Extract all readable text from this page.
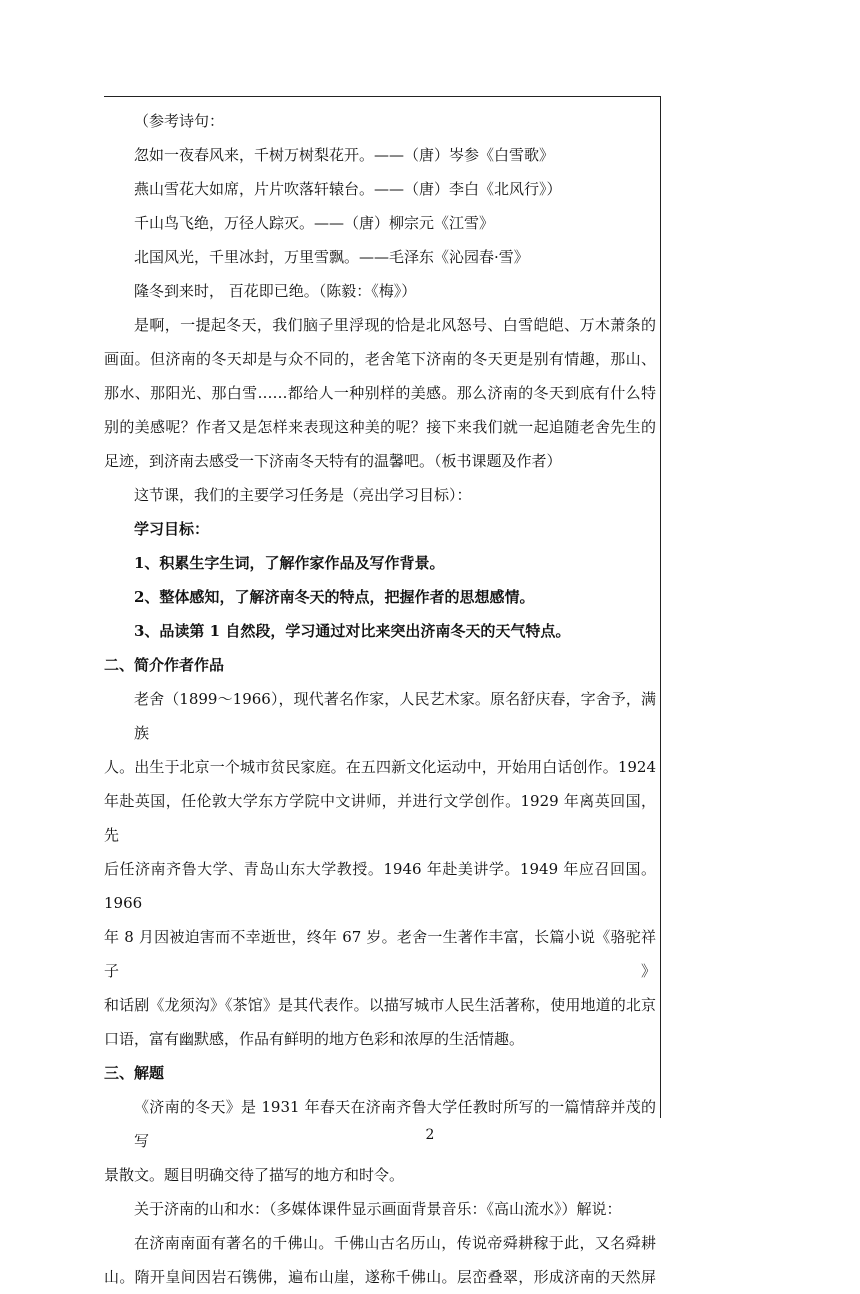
（参考诗句：

忽如一夜春风来，千树万树梨花开。——（唐）岑参《白雪歌》

燕山雪花大如席，片片吹落轩辕台。——（唐）李白《北风行》）

千山鸟飞绝，万径人踪灭。——（唐）柳宗元《江雪》

北国风光，千里冰封，万里雪飘。——毛泽东《沁园春·雪》

隆冬到来时， 百花即已绝。（陈毅：《梅》）

是啊，一提起冬天，我们脑子里浮现的恰是北风怒号、白雪皑皑、万木萧条的

画面。但济南的冬天却是与众不同的，老舍笔下济南的冬天更是别有情趣，那山、

那水、那阳光、那白雪……都给人一种别样的美感。那么济南的冬天到底有什么特

别的美感呢？作者又是怎样来表现这种美的呢？接下来我们就一起追随老舍先生的

足迹，到济南去感受一下济南冬天特有的温馨吧。（板书课题及作者）

这节课，我们的主要学习任务是（亮出学习目标）：

学习目标：

1、积累生字生词，了解作家作品及写作背景。

2、整体感知，了解济南冬天的特点，把握作者的思想感情。

3、品读第 1 自然段，学习通过对比来突出济南冬天的天气特点。

二、简介作者作品

老舍（1899～1966），现代著名作家，人民艺术家。原名舒庆春，字舍予，满族

人。出生于北京一个城市贫民家庭。在五四新文化运动中，开始用白话创作。1924

年赴英国，任伦敦大学东方学院中文讲师，并进行文学创作。1929 年离英回国，先

后任济南齐鲁大学、青岛山东大学教授。1946 年赴美讲学。1949 年应召回国。1966

年 8 月因被迫害而不幸逝世，终年 67 岁。老舍一生著作丰富，长篇小说《骆驼祥子》

和话剧《龙须沟》《茶馆》是其代表作。以描写城市人民生活著称，使用地道的北京

口语，富有幽默感，作品有鲜明的地方色彩和浓厚的生活情趣。

三、解题

《济南的冬天》是 1931 年春天在济南齐鲁大学任教时所写的一篇情辞并茂的写

景散文。题目明确交待了描写的地方和时令。

关于济南的山和水：（多媒体课件显示画面背景音乐：《高山流水》）解说：

在济南南面有著名的千佛山。千佛山古名历山，传说帝舜耕稼于此，又名舜耕

山。隋开皇间因岩石镌佛，遍布山崖，遂称千佛山。层峦叠翠，形成济南的天然屏

2
